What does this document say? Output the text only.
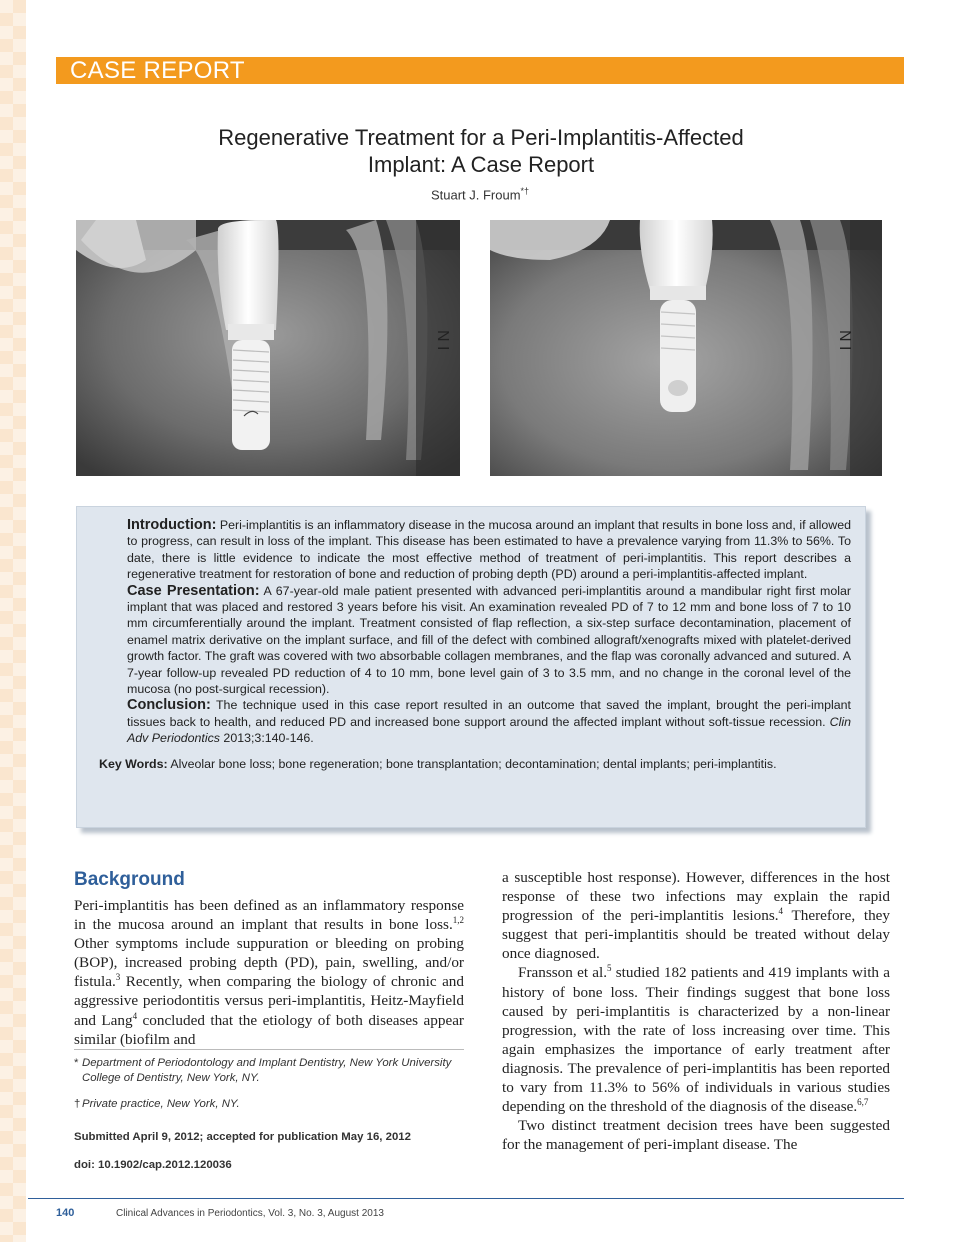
CASE REPORT
Regenerative Treatment for a Peri-Implantitis-Affected
Implant: A Case Report
Stuart J. Froum*†
N I	N I

Introduction: Peri-implantitis is an inflammatory disease in the mucosa around an implant that results in bone loss and, if allowed to progress, can result in loss of the implant. This disease has been estimated to have a prevalence varying from 11.3% to 56%. To date, there is little evidence to indicate the most effective method of treatment of peri-implantitis. This report describes a regenerative treatment for restoration of bone and reduction of probing depth (PD) around a peri-implantitis-affected implant.

Case Presentation: A 67-year-old male patient presented with advanced peri-implantitis around a mandibular right first molar implant that was placed and restored 3 years before his visit. An examination revealed PD of 7 to 12 mm and bone loss of 7 to 10 mm circumferentially around the implant. Treatment consisted of flap reflection, a six-step surface decontamination, placement of enamel matrix derivative on the implant surface, and fill of the defect with combined allograft/xenografts mixed with platelet-derived growth factor. The graft was covered with two absorbable collagen membranes, and the flap was coronally advanced and sutured. A 7-year follow-up revealed PD reduction of 4 to 10 mm, bone level gain of 3 to 3.5 mm, and no change in the coronal level of the mucosa (no post-surgical recession).

Conclusion: The technique used in this case report resulted in an outcome that saved the implant, brought the peri-implant tissues back to health, and reduced PD and increased bone support around the affected implant without soft-tissue recession. Clin Adv Periodontics 2013;3:140-146.

Key Words: Alveolar bone loss; bone regeneration; bone transplantation; decontamination; dental implants; peri-implantitis.

Background

Peri-implantitis has been defined as an inflammatory response in the mucosa around an implant that results in bone loss.$^{1,2}$ Other symptoms include suppuration or bleeding on probing (BOP), increased probing depth (PD), pain, swelling, and/or fistula.$^3$ Recently, when comparing the biology of chronic and aggressive periodontitis versus peri-implantitis, Heitz-Mayfield and Lang$^4$ concluded that the etiology of both diseases appear similar (biofilm and

* Department of Periodontology and Implant Dentistry, New York University College of Dentistry, New York, NY.
† Private practice, New York, NY.
Submitted April 9, 2012; accepted for publication May 16, 2012
doi: 10.1902/cap.2012.120036

a susceptible host response). However, differences in the host response of these two infections may explain the rapid progression of the peri-implantitis lesions.$^4$ Therefore, they suggest that peri-implantitis should be treated without delay once diagnosed.

Fransson et al.$^5$ studied 182 patients and 419 implants with a history of bone loss. Their findings suggest that bone loss caused by peri-implantitis is characterized by a non-linear progression, with the rate of loss increasing over time. This again emphasizes the importance of early treatment after diagnosis. The prevalence of peri-implantitis has been reported to vary from 11.3% to 56% of individuals in various studies depending on the threshold of the diagnosis of the disease.$^{6,7}$

Two distinct treatment decision trees have been suggested for the management of peri-implant disease. The

140	Clinical Advances in Periodontics, Vol. 3, No. 3, August 2013
